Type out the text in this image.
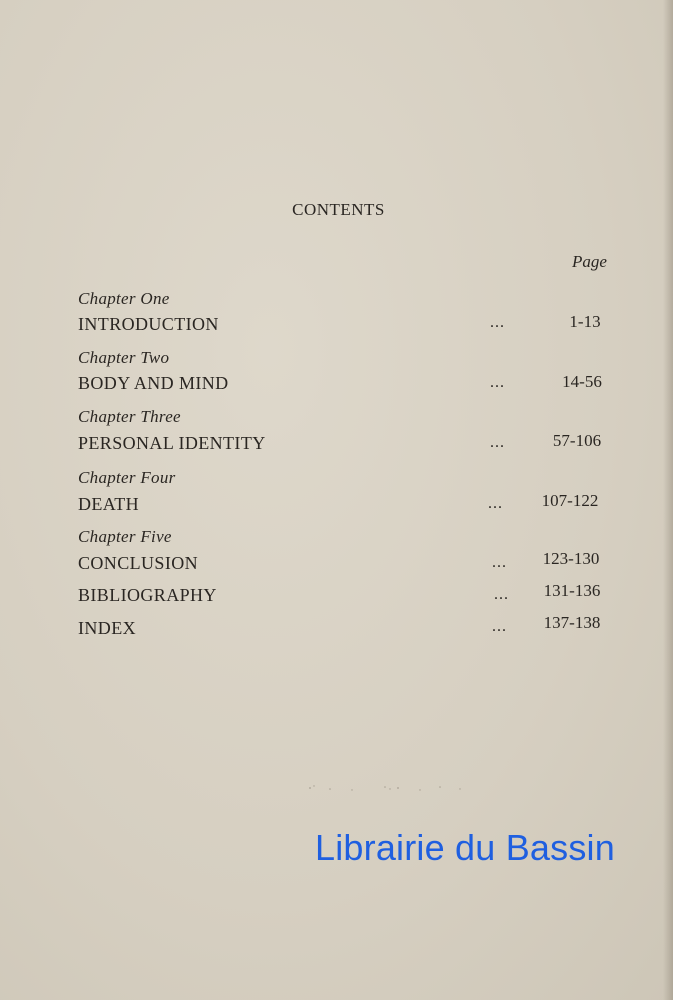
CONTENTS
Page
Chapter One
INTRODUCTION	...	1-13
Chapter Two
BODY AND MIND	...	14-56
Chapter Three
PERSONAL IDENTITY	...	57-106
Chapter Four
DEATH	...	107-122
Chapter Five
CONCLUSION	...	123-130
BIBLIOGRAPHY	...	131-136
INDEX	...	137-138
Librairie du Bassin
